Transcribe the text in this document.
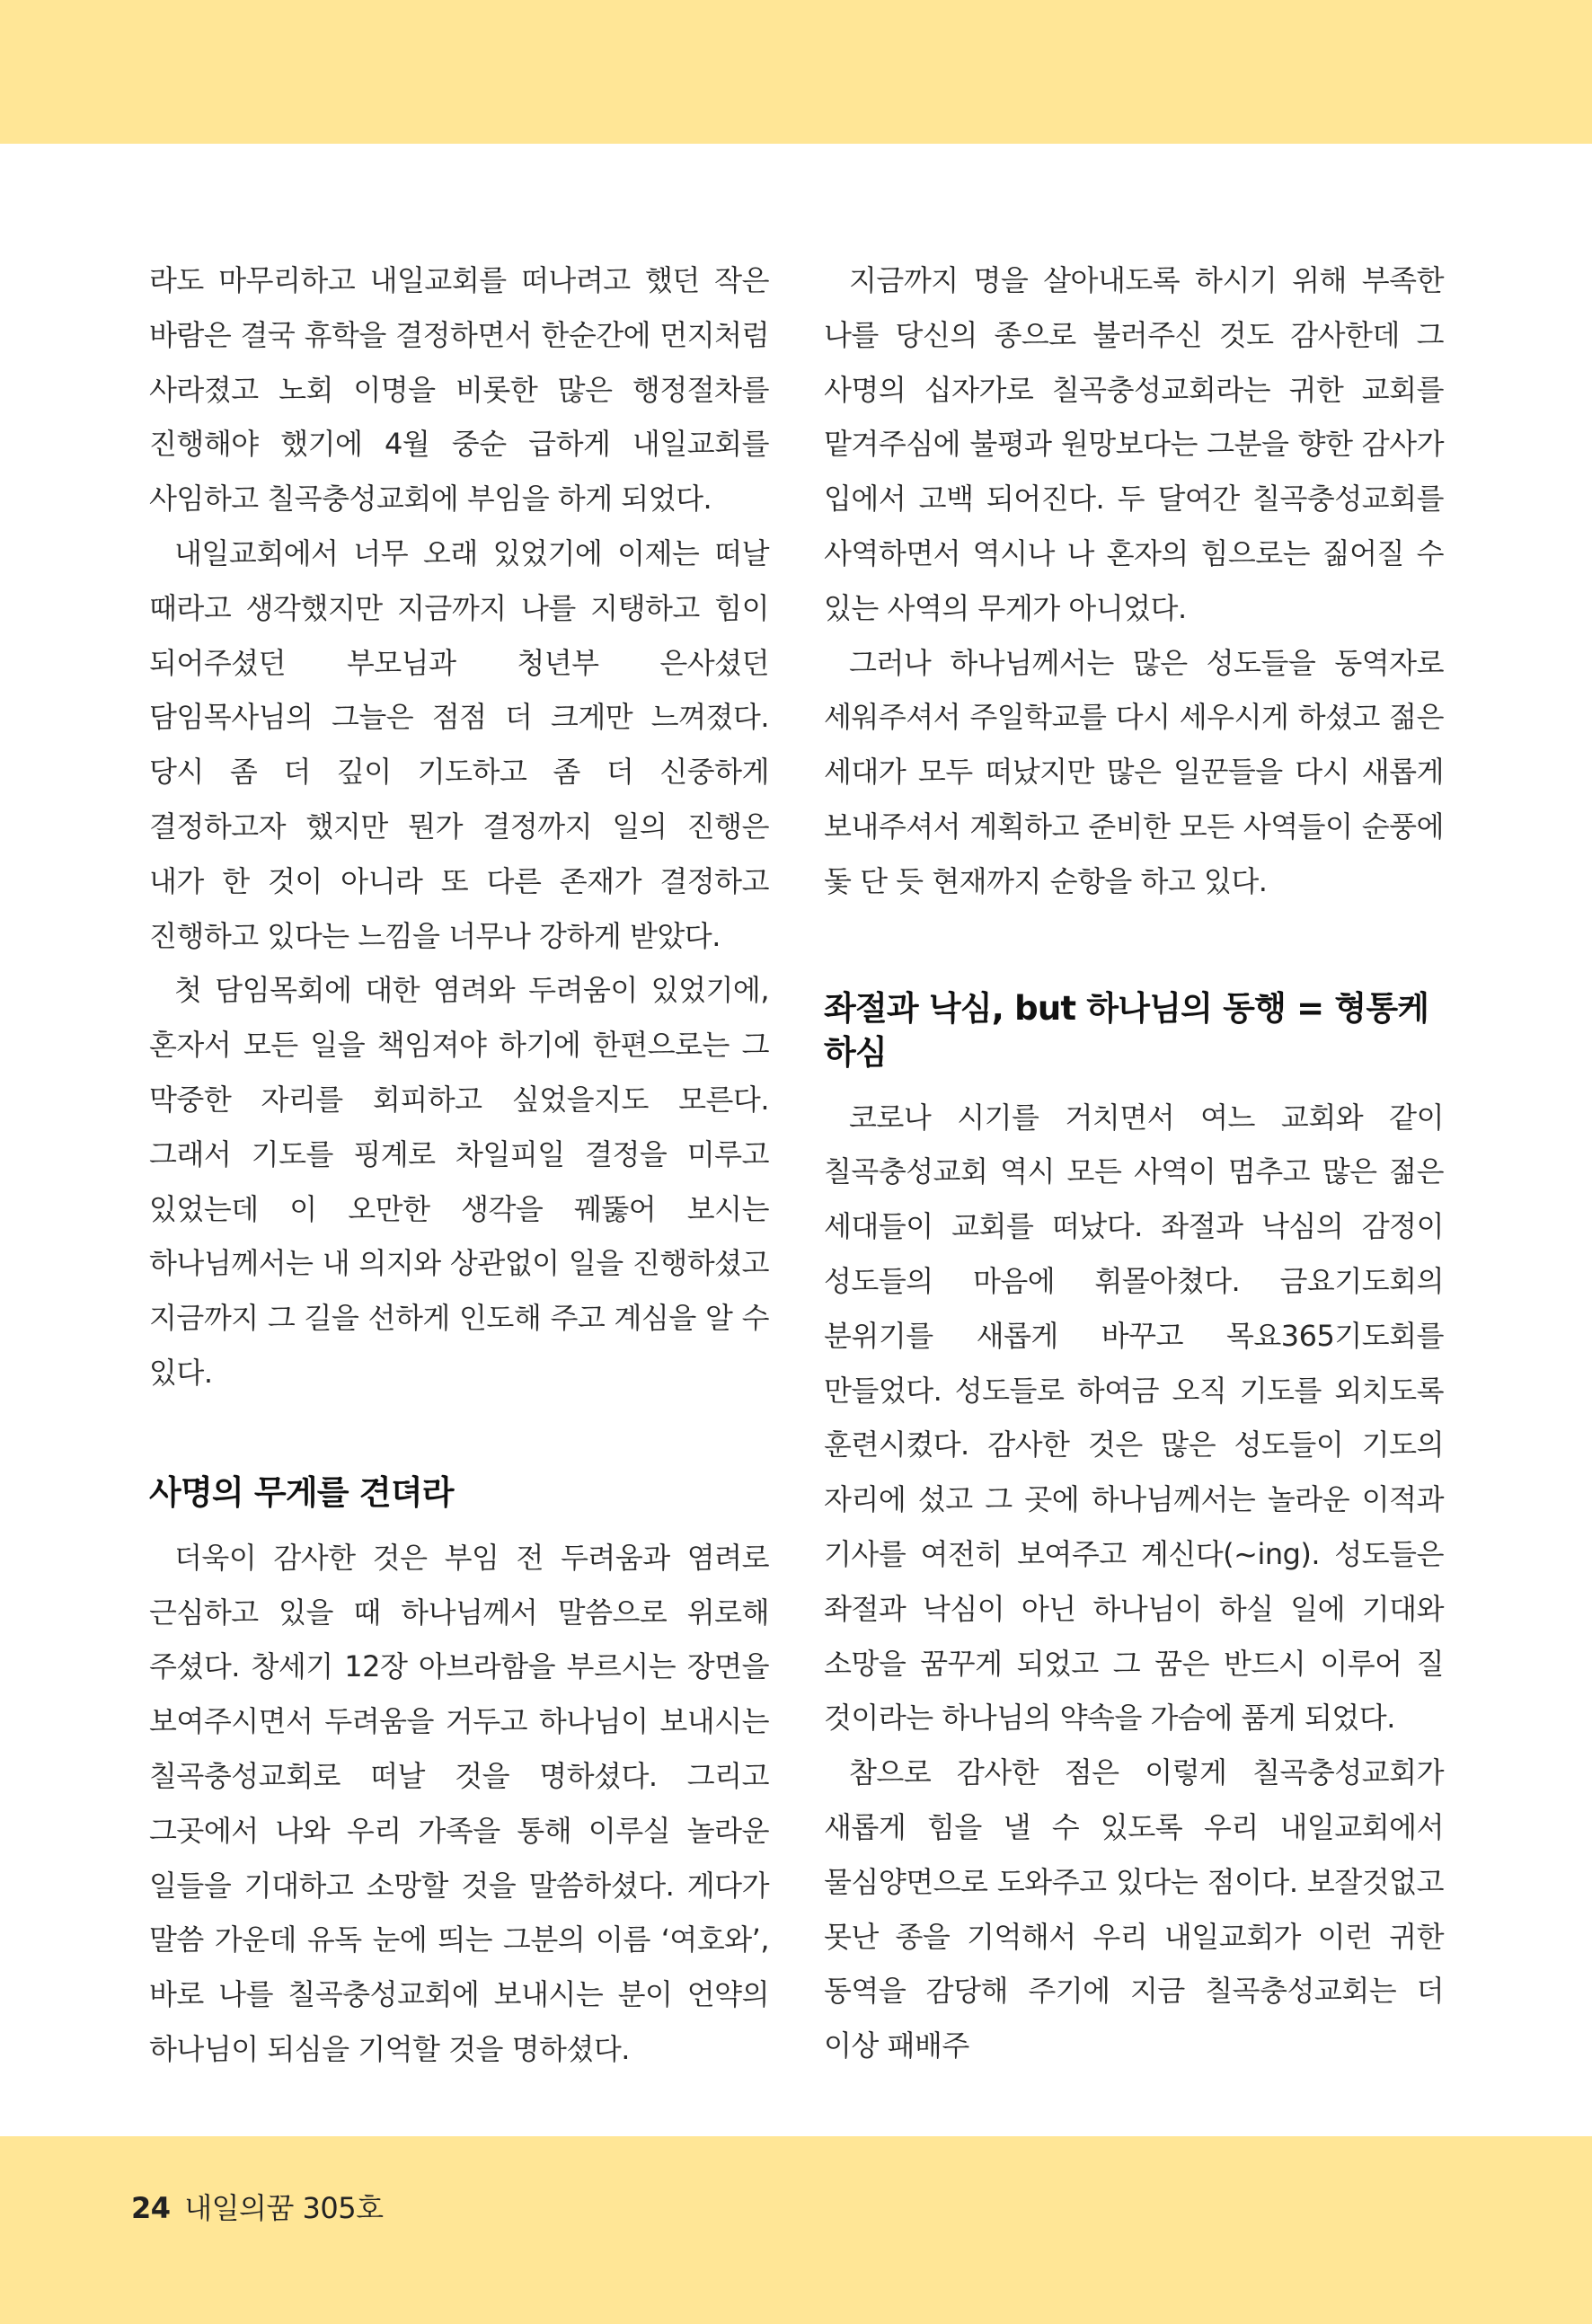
라도 마무리하고 내일교회를 떠나려고 했던 작은 바람은 결국 휴학을 결정하면서 한순간에 먼지처럼 사라졌고 노회 이명을 비롯한 많은 행정절차를 진행해야 했기에 4월 중순 급하게 내일교회를 사임하고 칠곡충성교회에 부임을 하게 되었다.

내일교회에서 너무 오래 있었기에 이제는 떠날 때라고 생각했지만 지금까지 나를 지탱하고 힘이 되어주셨던 부모님과 청년부 은사셨던 담임목사님의 그늘은 점점 더 크게만 느껴졌다. 당시 좀 더 깊이 기도하고 좀 더 신중하게 결정하고자 했지만 뭔가 결정까지 일의 진행은 내가 한 것이 아니라 또 다른 존재가 결정하고 진행하고 있다는 느낌을 너무나 강하게 받았다.

첫 담임목회에 대한 염려와 두려움이 있었기에, 혼자서 모든 일을 책임져야 하기에 한편으로는 그 막중한 자리를 회피하고 싶었을지도 모른다. 그래서 기도를 핑계로 차일피일 결정을 미루고 있었는데 이 오만한 생각을 꿰뚫어 보시는 하나님께서는 내 의지와 상관없이 일을 진행하셨고 지금까지 그 길을 선하게 인도해 주고 계심을 알 수 있다.

사명의 무게를 견뎌라

더욱이 감사한 것은 부임 전 두려움과 염려로 근심하고 있을 때 하나님께서 말씀으로 위로해 주셨다. 창세기 12장 아브라함을 부르시는 장면을 보여주시면서 두려움을 거두고 하나님이 보내시는 칠곡충성교회로 떠날 것을 명하셨다. 그리고 그곳에서 나와 우리 가족을 통해 이루실 놀라운 일들을 기대하고 소망할 것을 말씀하셨다. 게다가 말씀 가운데 유독 눈에 띄는 그분의 이름 ‘여호와’, 바로 나를 칠곡충성교회에 보내시는 분이 언약의 하나님이 되심을 기억할 것을 명하셨다.

지금까지 명을 살아내도록 하시기 위해 부족한 나를 당신의 종으로 불러주신 것도 감사한데 그 사명의 십자가로 칠곡충성교회라는 귀한 교회를 맡겨주심에 불평과 원망보다는 그분을 향한 감사가 입에서 고백 되어진다. 두 달여간 칠곡충성교회를 사역하면서 역시나 나 혼자의 힘으로는 짊어질 수 있는 사역의 무게가 아니었다.

그러나 하나님께서는 많은 성도들을 동역자로 세워주셔서 주일학교를 다시 세우시게 하셨고 젊은 세대가 모두 떠났지만 많은 일꾼들을 다시 새롭게 보내주셔서 계획하고 준비한 모든 사역들이 순풍에 돛 단 듯 현재까지 순항을 하고 있다.

좌절과 낙심, but 하나님의 동행 = 형통케 하심

코로나 시기를 거치면서 여느 교회와 같이 칠곡충성교회 역시 모든 사역이 멈추고 많은 젊은 세대들이 교회를 떠났다. 좌절과 낙심의 감정이 성도들의 마음에 휘몰아쳤다. 금요기도회의 분위기를 새롭게 바꾸고 목요365기도회를 만들었다. 성도들로 하여금 오직 기도를 외치도록 훈련시켰다. 감사한 것은 많은 성도들이 기도의 자리에 섰고 그 곳에 하나님께서는 놀라운 이적과 기사를 여전히 보여주고 계신다(~ing). 성도들은 좌절과 낙심이 아닌 하나님이 하실 일에 기대와 소망을 꿈꾸게 되었고 그 꿈은 반드시 이루어 질 것이라는 하나님의 약속을 가슴에 품게 되었다.

참으로 감사한 점은 이렇게 칠곡충성교회가 새롭게 힘을 낼 수 있도록 우리 내일교회에서 물심양면으로 도와주고 있다는 점이다. 보잘것없고 못난 종을 기억해서 우리 내일교회가 이런 귀한 동역을 감당해 주기에 지금 칠곡충성교회는 더 이상 패배주

24 내일의꿈 305호
